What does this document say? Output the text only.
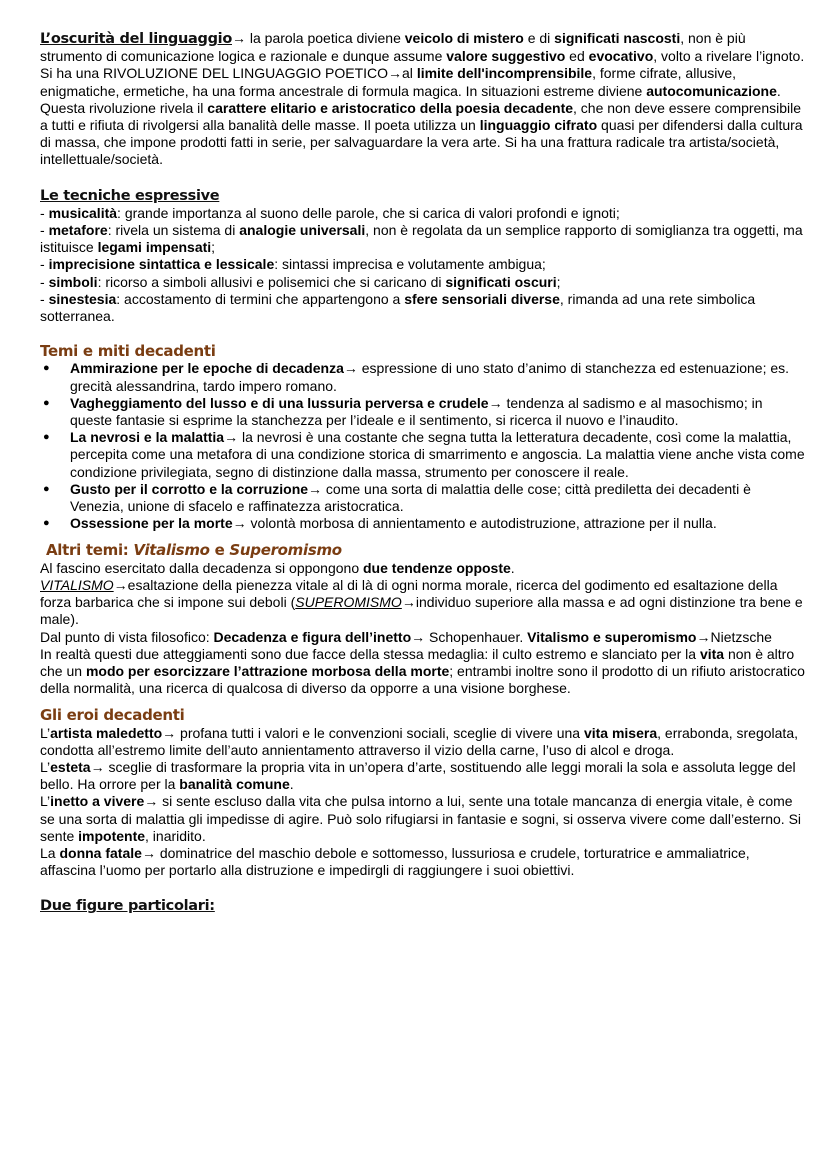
L’oscurità del linguaggio→ la parola poetica diviene veicolo di mistero e di significati nascosti, non è più strumento di comunicazione logica e razionale e dunque assume valore suggestivo ed evocativo, volto a rivelare l’ignoto.

Si ha una RIVOLUZIONE DEL LINGUAGGIO POETICO→al limite dell'incomprensibile, forme cifrate, allusive, enigmatiche, ermetiche, ha una forma ancestrale di formula magica. In situazioni estreme diviene autocomunicazione.

Questa rivoluzione rivela il carattere elitario e aristocratico della poesia decadente, che non deve essere comprensibile a tutti e rifiuta di rivolgersi alla banalità delle masse. Il poeta utilizza un linguaggio cifrato quasi per difendersi dalla cultura di massa, che impone prodotti fatti in serie, per salvaguardare la vera arte. Si ha una frattura radicale tra artista/società, intellettuale/società.

Le tecniche espressive

- musicalità: grande importanza al suono delle parole, che si carica di valori profondi e ignoti;

- metafore: rivela un sistema di analogie universali, non è regolata da un semplice rapporto di somiglianza tra oggetti, ma istituisce legami impensati;

- imprecisione sintattica e lessicale: sintassi imprecisa e volutamente ambigua;

- simboli: ricorso a simboli allusivi e polisemici che si caricano di significati oscuri;

- sinestesia: accostamento di termini che appartengono a sfere sensoriali diverse, rimanda ad una rete simbolica sotterranea.

Temi e miti decadenti

● Ammirazione per le epoche di decadenza→ espressione di uno stato d’animo di stanchezza ed estenuazione; es. grecità alessandrina, tardo impero romano.
● Vagheggiamento del lusso e di una lussuria perversa e crudele→ tendenza al sadismo e al masochismo; in queste fantasie si esprime la stanchezza per l’ideale e il sentimento, si ricerca il nuovo e l’inaudito.
● La nevrosi e la malattia→ la nevrosi è una costante che segna tutta la letteratura decadente, così come la malattia, percepita come una metafora di una condizione storica di smarrimento e angoscia. La malattia viene anche vista come condizione privilegiata, segno di distinzione dalla massa, strumento per conoscere il reale.
● Gusto per il corrotto e la corruzione→ come una sorta di malattia delle cose; città prediletta dei decadenti è Venezia, unione di sfacelo e raffinatezza aristocratica.
● Ossessione per la morte→ volontà morbosa di annientamento e autodistruzione, attrazione per il nulla.

Altri temi: Vitalismo e Superomismo

Al fascino esercitato dalla decadenza si oppongono due tendenze opposte.

VITALISMO→esaltazione della pienezza vitale al di là di ogni norma morale, ricerca del godimento ed esaltazione della forza barbarica che si impone sui deboli (SUPEROMISMO→individuo superiore alla massa e ad ogni distinzione tra bene e male).

Dal punto di vista filosofico: Decadenza e figura dell’inetto→ Schopenhauer. Vitalismo e superomismo→Nietzsche

In realtà questi due atteggiamenti sono due facce della stessa medaglia: il culto estremo e slanciato per la vita non è altro che un modo per esorcizzare l’attrazione morbosa della morte; entrambi inoltre sono il prodotto di un rifiuto aristocratico della normalità, una ricerca di qualcosa di diverso da opporre a una visione borghese.

Gli eroi decadenti

L’artista maledetto→ profana tutti i valori e le convenzioni sociali, sceglie di vivere una vita misera, errabonda, sregolata, condotta all’estremo limite dell’auto annientamento attraverso il vizio della carne, l’uso di alcol e droga.

L’esteta→ sceglie di trasformare la propria vita in un’opera d’arte, sostituendo alle leggi morali la sola e assoluta legge del bello. Ha orrore per la banalità comune.

L’inetto a vivere→ si sente escluso dalla vita che pulsa intorno a lui, sente una totale mancanza di energia vitale, è come se una sorta di malattia gli impedisse di agire. Può solo rifugiarsi in fantasie e sogni, si osserva vivere come dall’esterno. Si sente impotente, inaridito.

La donna fatale→ dominatrice del maschio debole e sottomesso, lussuriosa e crudele, torturatrice e ammaliatrice, affascina l’uomo per portarlo alla distruzione e impedirgli di raggiungere i suoi obiettivi.

Due figure particolari:
